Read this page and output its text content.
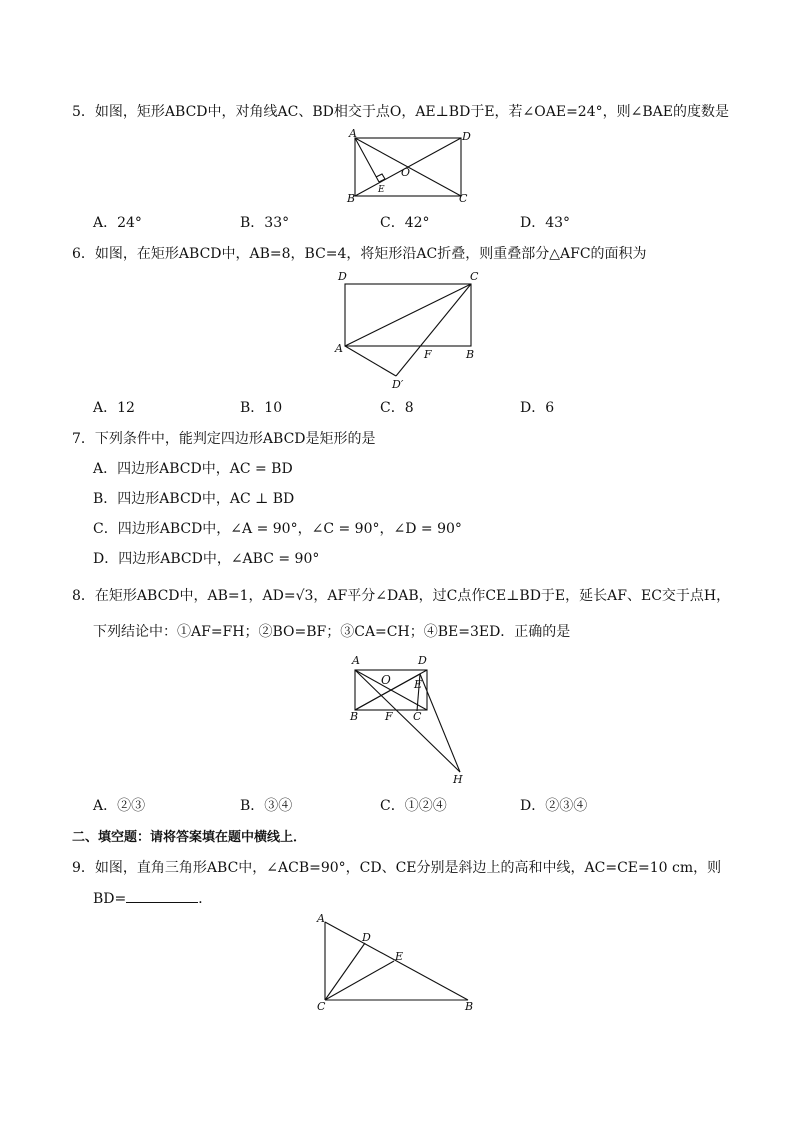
5．如图，矩形ABCD中，对角线AC、BD相交于点O，AE⊥BD于E，若∠OAE=24°，则∠BAE的度数是
A	D
B	C
O
E
A．24°	B．33°	C．42°	D．43°
6．如图，在矩形ABCD中，AB=8，BC=4，将矩形沿AC折叠，则重叠部分△AFC的面积为
D	C
A	F	B
D′
A．12	B．10	C．8	D．6
7．下列条件中，能判定四边形ABCD是矩形的是
A．四边形ABCD中，AC = BD
B．四边形ABCD中，AC ⊥ BD
C．四边形ABCD中，∠A = 90°，∠C = 90°，∠D = 90°
D．四边形ABCD中，∠ABC = 90°
8．在矩形ABCD中，AB=1，AD=√3，AF平分∠DAB，过C点作CE⊥BD于E，延长AF、EC交于点H，
下列结论中：①AF=FH；②BO=BF；③CA=CH；④BE=3ED．正确的是
A	D
O E
B F C
H
A．②③	B．③④	C．①②④	D．②③④
二、填空题：请将答案填在题中横线上．
9．如图，直角三角形ABC中，∠ACB=90°，CD、CE分别是斜边上的高和中线，AC=CE=10 cm，则
BD=	．
A
D
E
C	B
